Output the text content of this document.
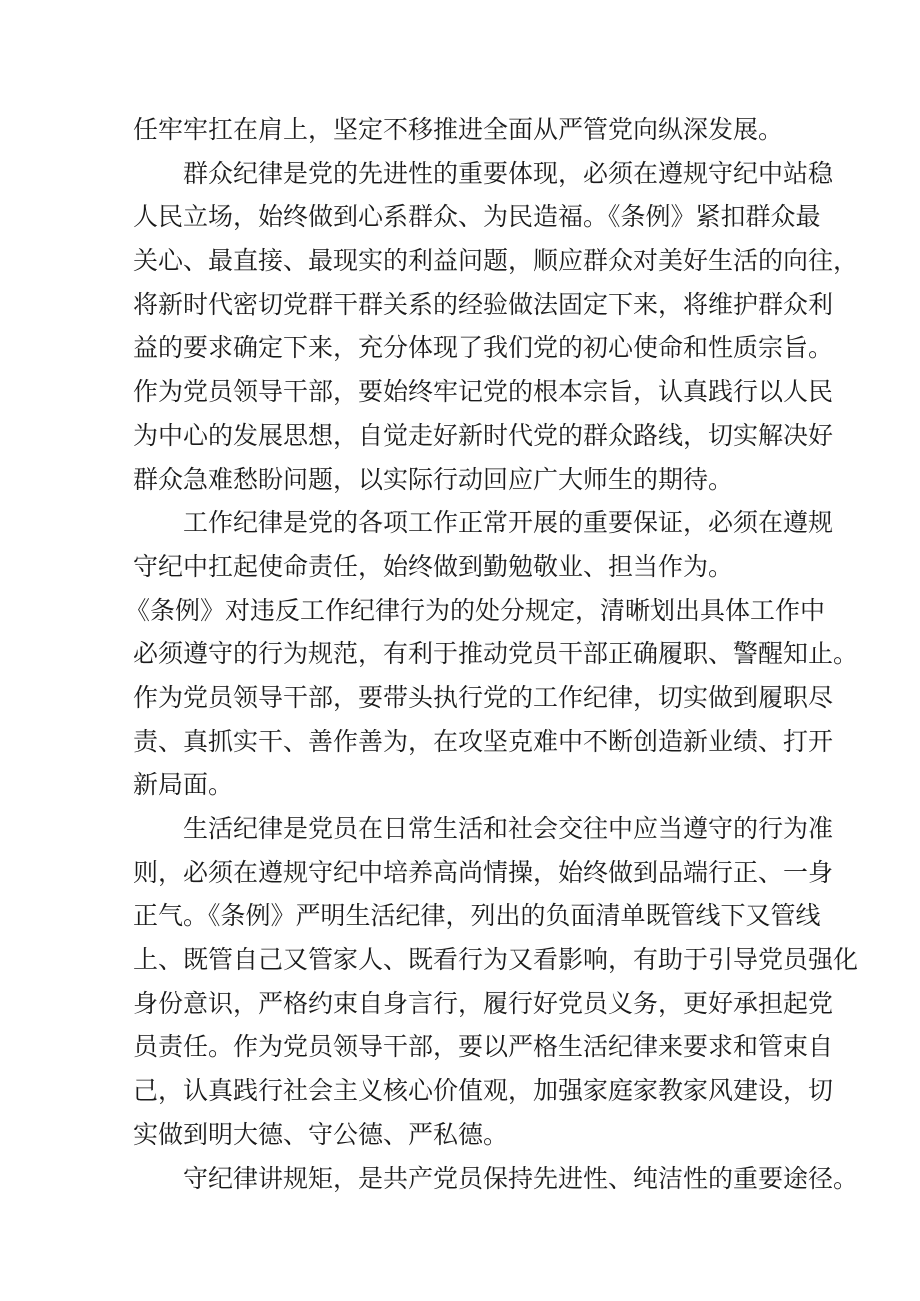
任牢牢扛在肩上，坚定不移推进全面从严管党向纵深发展。
群众纪律是党的先进性的重要体现，必须在遵规守纪中站稳
人民立场，始终做到心系群众、为民造福。《条例》紧扣群众最
关心、最直接、最现实的利益问题，顺应群众对美好生活的向往，
将新时代密切党群干群关系的经验做法固定下来，将维护群众利
益的要求确定下来，充分体现了我们党的初心使命和性质宗旨。
作为党员领导干部，要始终牢记党的根本宗旨，认真践行以人民
为中心的发展思想，自觉走好新时代党的群众路线，切实解决好
群众急难愁盼问题，以实际行动回应广大师生的期待。
工作纪律是党的各项工作正常开展的重要保证，必须在遵规
守纪中扛起使命责任，始终做到勤勉敬业、担当作为。
《条例》对违反工作纪律行为的处分规定，清晰划出具体工作中
必须遵守的行为规范，有利于推动党员干部正确履职、警醒知止。
作为党员领导干部，要带头执行党的工作纪律，切实做到履职尽
责、真抓实干、善作善为，在攻坚克难中不断创造新业绩、打开
新局面。
生活纪律是党员在日常生活和社会交往中应当遵守的行为准
则，必须在遵规守纪中培养高尚情操，始终做到品端行正、一身
正气。《条例》严明生活纪律，列出的负面清单既管线下又管线
上、既管自己又管家人、既看行为又看影响，有助于引导党员强化
身份意识，严格约束自身言行，履行好党员义务，更好承担起党
员责任。作为党员领导干部，要以严格生活纪律来要求和管束自
己，认真践行社会主义核心价值观，加强家庭家教家风建设，切
实做到明大德、守公德、严私德。
守纪律讲规矩，是共产党员保持先进性、纯洁性的重要途径。
